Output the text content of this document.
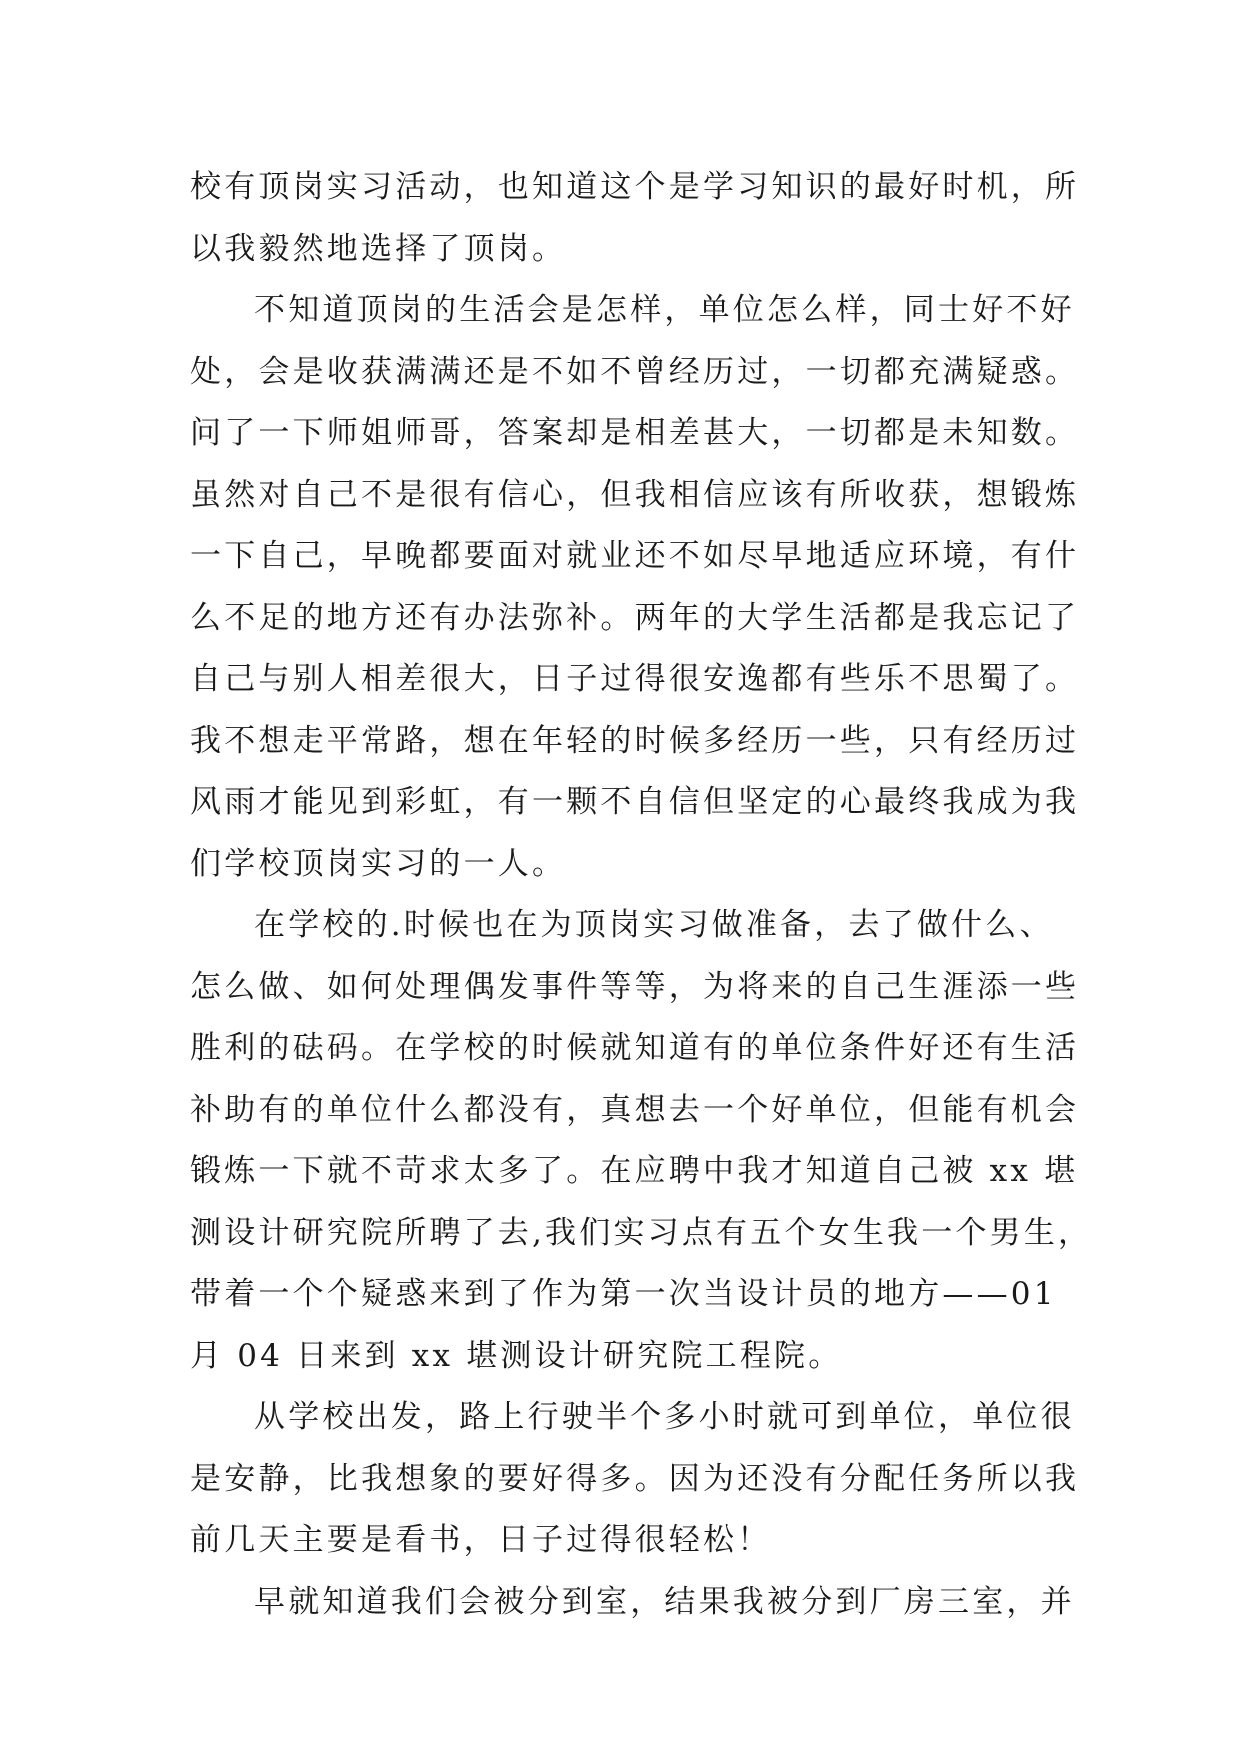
校有顶岗实习活动，也知道这个是学习知识的最好时机，所
以我毅然地选择了顶岗。
不知道顶岗的生活会是怎样，单位怎么样，同士好不好
处，会是收获满满还是不如不曾经历过，一切都充满疑惑。
问了一下师姐师哥，答案却是相差甚大，一切都是未知数。
虽然对自己不是很有信心，但我相信应该有所收获，想锻炼
一下自己，早晚都要面对就业还不如尽早地适应环境，有什
么不足的地方还有办法弥补。两年的大学生活都是我忘记了
自己与别人相差很大，日子过得很安逸都有些乐不思蜀了。
我不想走平常路，想在年轻的时候多经历一些，只有经历过
风雨才能见到彩虹，有一颗不自信但坚定的心最终我成为我
们学校顶岗实习的一人。
在学校的.时候也在为顶岗实习做准备，去了做什么、
怎么做、如何处理偶发事件等等，为将来的自己生涯添一些
胜利的砝码。在学校的时候就知道有的单位条件好还有生活
补助有的单位什么都没有，真想去一个好单位，但能有机会
锻炼一下就不苛求太多了。在应聘中我才知道自己被 xx 堪
测设计研究院所聘了去,我们实习点有五个女生我一个男生，
带着一个个疑惑来到了作为第一次当设计员的地方——01
月 04 日来到 xx 堪测设计研究院工程院。
从学校出发，路上行驶半个多小时就可到单位，单位很
是安静，比我想象的要好得多。因为还没有分配任务所以我
前几天主要是看书，日子过得很轻松！
早就知道我们会被分到室，结果我被分到厂房三室，并
